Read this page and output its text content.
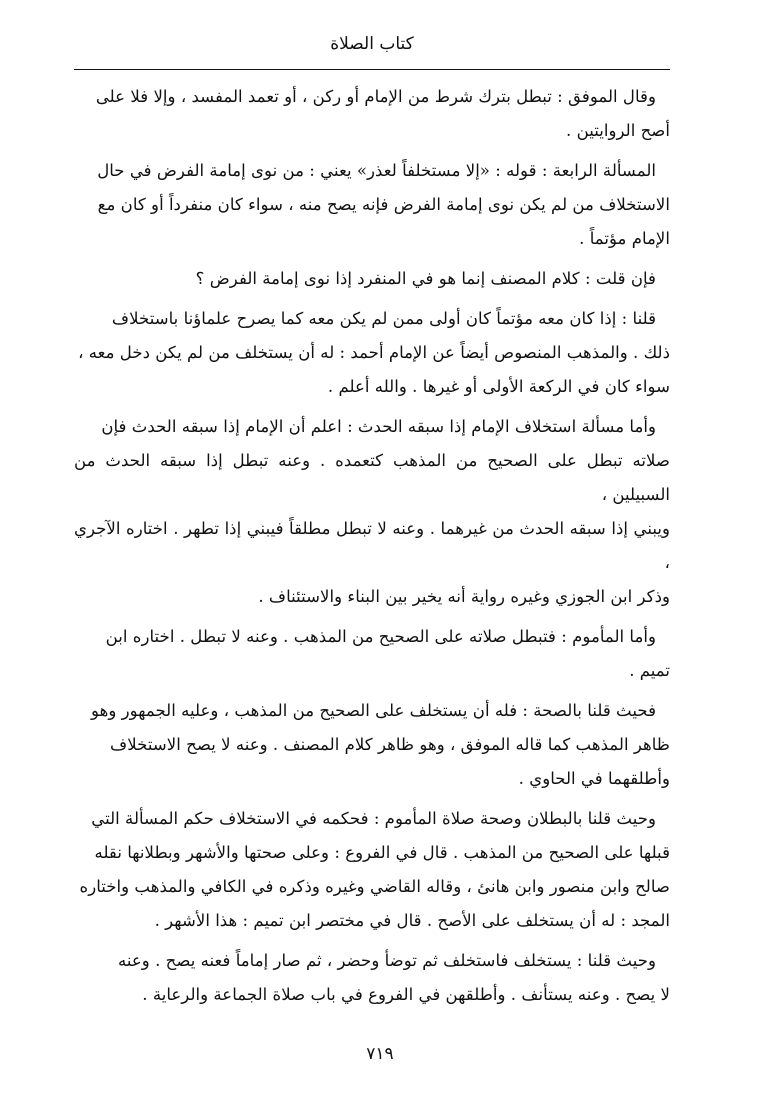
كتاب الصلاة

وقال الموفق : تبطل بترك شرط من الإمام أو ركن ، أو تعمد المفسد ، وإلا فلا على
أصح الروايتين .

المسألة الرابعة : قوله : «إلا مستخلفاً لعذر» يعني : من نوى إمامة الفرض في حال
الاستخلاف من لم يكن نوى إمامة الفرض فإنه يصح منه ، سواء كان منفرداً أو كان مع
الإمام مؤتماً .

فإن قلت : كلام المصنف إنما هو في المنفرد إذا نوى إمامة الفرض ؟

قلنا : إذا كان معه مؤتماً كان أولى ممن لم يكن معه كما يصرح علماؤنا باستخلاف
ذلك . والمذهب المنصوص أيضاً عن الإمام أحمد : له أن يستخلف من لم يكن دخل معه ،
سواء كان في الركعة الأولى أو غيرها . والله أعلم .

وأما مسألة استخلاف الإمام إذا سبقه الحدث : اعلم أن الإمام إذا سبقه الحدث فإن
صلاته تبطل على الصحيح من المذهب كتعمده . وعنه تبطل إذا سبقه الحدث من السبيلين ،
ويبني إذا سبقه الحدث من غيرهما . وعنه لا تبطل مطلقاً فيبني إذا تطهر . اختاره الآجري ،
وذكر ابن الجوزي وغيره رواية أنه يخير بين البناء والاستئناف .

وأما المأموم : فتبطل صلاته على الصحيح من المذهب . وعنه لا تبطل . اختاره ابن
تميم .

فحيث قلنا بالصحة : فله أن يستخلف على الصحيح من المذهب ، وعليه الجمهور وهو
ظاهر المذهب كما قاله الموفق ، وهو ظاهر كلام المصنف . وعنه لا يصح الاستخلاف
وأطلقهما في الحاوي .

وحيث قلنا بالبطلان وصحة صلاة المأموم : فحكمه في الاستخلاف حكم المسألة التي
قبلها على الصحيح من المذهب . قال في الفروع : وعلى صحتها والأشهر وبطلانها نقله
صالح وابن منصور وابن هانئ ، وقاله القاضي وغيره وذكره في الكافي والمذهب واختاره
المجد : له أن يستخلف على الأصح . قال في مختصر ابن تميم : هذا الأشهر .

وحيث قلنا : يستخلف فاستخلف ثم توضأ وحضر ، ثم صار إماماً فعنه يصح . وعنه
لا يصح . وعنه يستأنف . وأطلقهن في الفروع في باب صلاة الجماعة والرعاية .

٧١٩
